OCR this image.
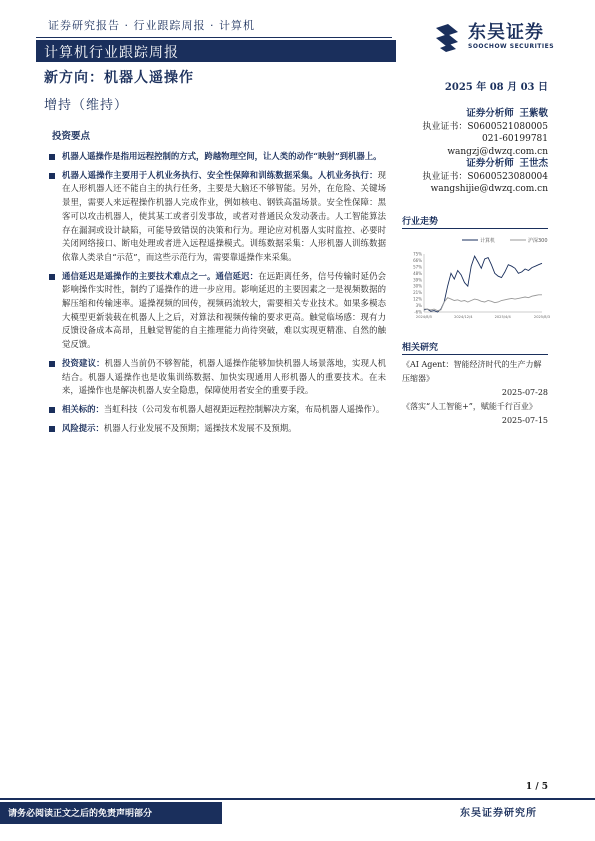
证券研究报告 · 行业跟踪周报 · 计算机
计算机行业跟踪周报
东吴证券
SOOCHOW SECURITIES
新方向：机器人遥操作
增持（维持）
2025 年 08 月 03 日
投资要点
机器人遥操作是指用远程控制的方式，跨越物理空间，让人类的动作“映射”到机器上。
机器人遥操作主要用于人机业务执行、安全性保障和训练数据采集。人机业务执行：现在人形机器人还不能自主的执行任务，主要是大脑还不够智能。另外，在危险、关键场景里，需要人来远程操作机器人完成作业，例如核电、钢铁高温场景。安全性保障：黑客可以攻击机器人，使其某工或者引发事故，或者对普通民众发动袭击。人工智能算法存在漏洞或设计缺陷，可能导致错误的决策和行为。理论应对机器人实时监控、必要时关闭网络接口、断电处理或者进入远程遥操模式。训练数据采集：人形机器人训练数据依靠人类录自“示范”，而这些示范行为，需要靠遥操作来采集。
通信延迟是遥操作的主要技术难点之一。通信延迟：在远距离任务，信号传输时延仍会影响操作实时性，制约了遥操作的进一步应用。影响延迟的主要因素之一是视频数据的解压缩和传输速率。遥操视频的回传，视频码流较大，需要相关专业技术。如果多模态大模型更新装载在机器人上之后，对算法和视频传输的要求更高。触觉临场感：现有力反馈设备成本高昂，且触觉智能的自主推理能力尚待突破，难以实现更精准、自然的触觉反馈。
投资建议：机器人当前仍不够智能，机器人遥操作能够加快机器人场景落地，实现人机结合。机器人遥操作也是收集训练数据、加快实现通用人形机器人的重要技术。在未来，遥操作也是解决机器人安全隐患，保障使用者安全的重要手段。
相关标的：当虹科技（公司发布机器人超视距远程控制解决方案，布局机器人遥操作）。
风险提示：机器人行业发展不及预期；遥操技术发展不及预期。
证券分析师 王紫敬
执业证书：S0600521080005
021-60199781
wangzj@dwzq.com.cn
证券分析师 王世杰
执业证书：S0600523080004
wangshijie@dwzq.com.cn
行业走势
计算机	沪深300
-6%
3%
12%
21%
30%
39%
48%
57%
66%
75%
2024/8/5	2024/12/4	2025/4/4	2025/8/3
相关研究
《AI Agent：智能经济时代的生产力解压缩器》
2025-07-28
《落实“人工智能+”，赋能千行百业》
2025-07-15
1 / 5
请务必阅读正文之后的免责声明部分	东吴证券研究所
